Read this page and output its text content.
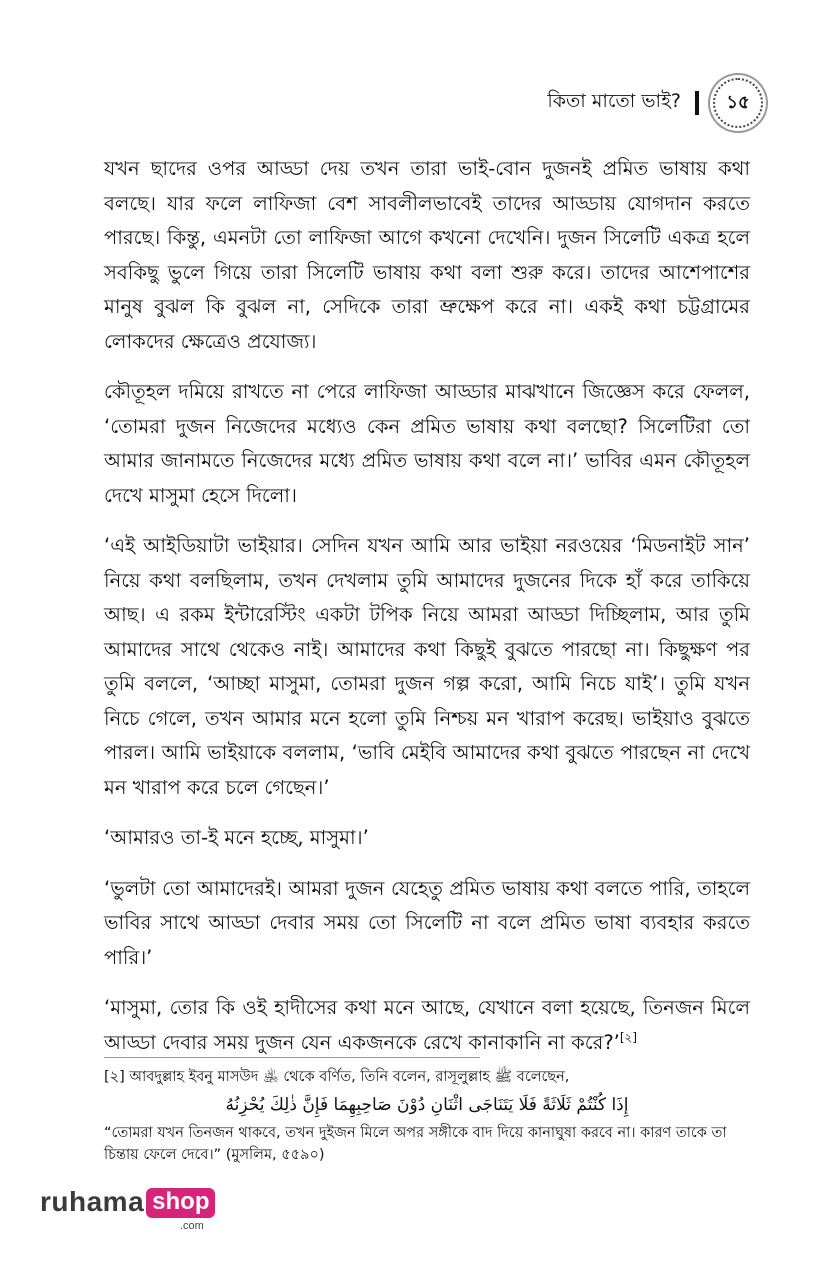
কিতা মাতো ভাই?	১৫

যখন ছাদের ওপর আড্ডা দেয় তখন তারা ভাই-বোন দুজনই প্রমিত ভাষায় কথা বলছে। যার ফলে লাফিজা বেশ সাবলীলভাবেই তাদের আড্ডায় যোগদান করতে পারছে। কিন্তু, এমনটা তো লাফিজা আগে কখনো দেখেনি। দুজন সিলেটি একত্র হলে সবকিছু ভুলে গিয়ে তারা সিলেটি ভাষায় কথা বলা শুরু করে। তাদের আশেপাশের মানুষ বুঝল কি বুঝল না, সেদিকে তারা ভ্রুক্ষেপ করে না। একই কথা চট্টগ্রামের লোকদের ক্ষেত্রেও প্রযোজ্য।

কৌতূহল দমিয়ে রাখতে না পেরে লাফিজা আড্ডার মাঝখানে জিজ্ঞেস করে ফেলল, ‘তোমরা দুজন নিজেদের মধ্যেও কেন প্রমিত ভাষায় কথা বলছো? সিলেটিরা তো আমার জানামতে নিজেদের মধ্যে প্রমিত ভাষায় কথা বলে না।’ ভাবির এমন কৌতূহল দেখে মাসুমা হেসে দিলো।

‘এই আইডিয়াটা ভাইয়ার। সেদিন যখন আমি আর ভাইয়া নরওয়ের ‘মিডনাইট সান’ নিয়ে কথা বলছিলাম, তখন দেখলাম তুমি আমাদের দুজনের দিকে হাঁ করে তাকিয়ে আছ। এ রকম ইন্টারেস্টিং একটা টপিক নিয়ে আমরা আড্ডা দিচ্ছিলাম, আর তুমি আমাদের সাথে থেকেও নাই। আমাদের কথা কিছুই বুঝতে পারছো না। কিছুক্ষণ পর তুমি বললে, ‘আচ্ছা মাসুমা, তোমরা দুজন গল্প করো, আমি নিচে যাই’। তুমি যখন নিচে গেলে, তখন আমার মনে হলো তুমি নিশ্চয় মন খারাপ করেছ। ভাইয়াও বুঝতে পারল। আমি ভাইয়াকে বললাম, ‘ভাবি মেইবি আমাদের কথা বুঝতে পারছেন না দেখে মন খারাপ করে চলে গেছেন।’

‘আমারও তা-ই মনে হচ্ছে, মাসুমা।’

‘ভুলটা তো আমাদেরই। আমরা দুজন যেহেতু প্রমিত ভাষায় কথা বলতে পারি, তাহলে ভাবির সাথে আড্ডা দেবার সময় তো সিলেটি না বলে প্রমিত ভাষা ব্যবহার করতে পারি।’

‘মাসুমা, তোর কি ওই হাদীসের কথা মনে আছে, যেখানে বলা হয়েছে, তিনজন মিলে আড্ডা দেবার সময় দুজন যেন একজনকে রেখে কানাকানি না করে?’[২]

[২] আবদুল্লাহ ইবনু মাসউদ ﵁ থেকে বর্ণিত, তিনি বলেন, রাসূলুল্লাহ ﷺ বলেছেন,
إِذَا كُنْتُمْ ثَلَاثَةً فَلَا يَتَنَاجَى اثْنَانِ دُوْنَ صَاحِبِهِمَا فَإِنَّ ذٰلِكَ يُحْزِنُهُ
“তোমরা যখন তিনজন থাকবে, তখন দুইজন মিলে অপর সঙ্গীকে বাদ দিয়ে কানাঘুষা করবে না। কারণ তাকে তা চিন্তায় ফেলে দেবে।” (মুসলিম, ৫৫৯০)
ruhama shop
.com
